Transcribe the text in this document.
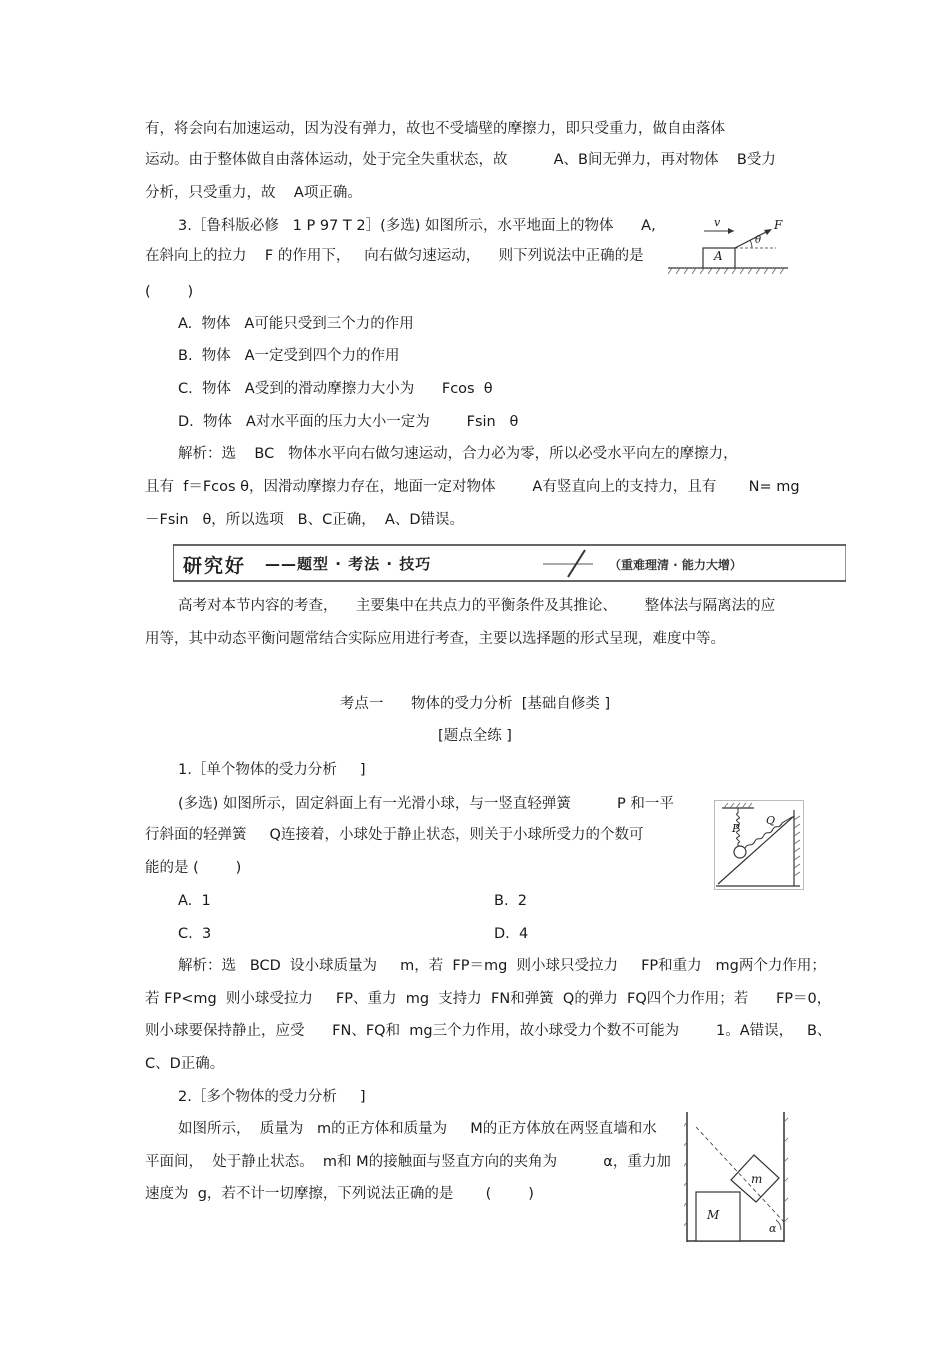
有，将会向右加速运动，因为没有弹力，故也不受墙壁的摩擦力，即只受重力，做自由落体
运动。由于整体做自由落体运动，处于完全失重状态，故          A、B间无弹力，再对物体    B受力
分析，只受重力，故    A项正确。
3.［鲁科版必修   1 P 97 T 2］(多选) 如图所示，水平地面上的物体      A,
在斜向上的拉力    F 的作用下，   向右做匀速运动，    则下列说法中正确的是
(        )
A.  物体   A可能只受到三个力的作用
B.  物体   A一定受到四个力的作用
C.  物体   A受到的滑动摩擦力大小为      Fcos  θ
D.  物体   A对水平面的压力大小一定为        Fsin   θ
解析：选    BC   物体水平向右做匀速运动，合力必为零，所以必受水平向左的摩擦力，
且有  f＝Fcos θ，因滑动摩擦力存在，地面一定对物体        A有竖直向上的支持力，且有       N= mg
－Fsin   θ，所以选项   B、C正确，  A、D错误。
研究好 ——题型 · 考法 · 技巧	（重难理清 · 能力大增）
高考对本节内容的考查，    主要集中在共点力的平衡条件及其推论、      整体法与隔离法的应
用等，其中动态平衡问题常结合实际应用进行考查，主要以选择题的形式呈现，难度中等。
考点一      物体的受力分析  [基础自修类 ]
[题点全练 ]
1.［单个物体的受力分析     ]
(多选) 如图所示，固定斜面上有一光滑小球，与一竖直轻弹簧          P 和一平
行斜面的轻弹簧     Q连接着，小球处于静止状态，则关于小球所受力的个数可
能的是 (        )
A.  1	B.  2
C.  3	D.  4
解析：选   BCD  设小球质量为     m，若  FP＝mg  则小球只受拉力     FP和重力   mg两个力作用；
若 FP<mg  则小球受拉力     FP、重力  mg  支持力  FN和弹簧  Q的弹力  FQ四个力作用；若      FP＝0，
则小球要保持静止，应受      FN、FQ和  mg三个力作用，故小球受力个数不可能为        1。A错误，   B、
C、D正确。
2.［多个物体的受力分析     ]
如图所示，  质量为   m的正方体和质量为     M的正方体放在两竖直墙和水
平面间，  处于静止状态。  m和 M的接触面与竖直方向的夹角为          α，重力加
速度为  g，若不计一切摩擦，下列说法正确的是       (        )
v	F
θ
A
P
Q
M
m
α
